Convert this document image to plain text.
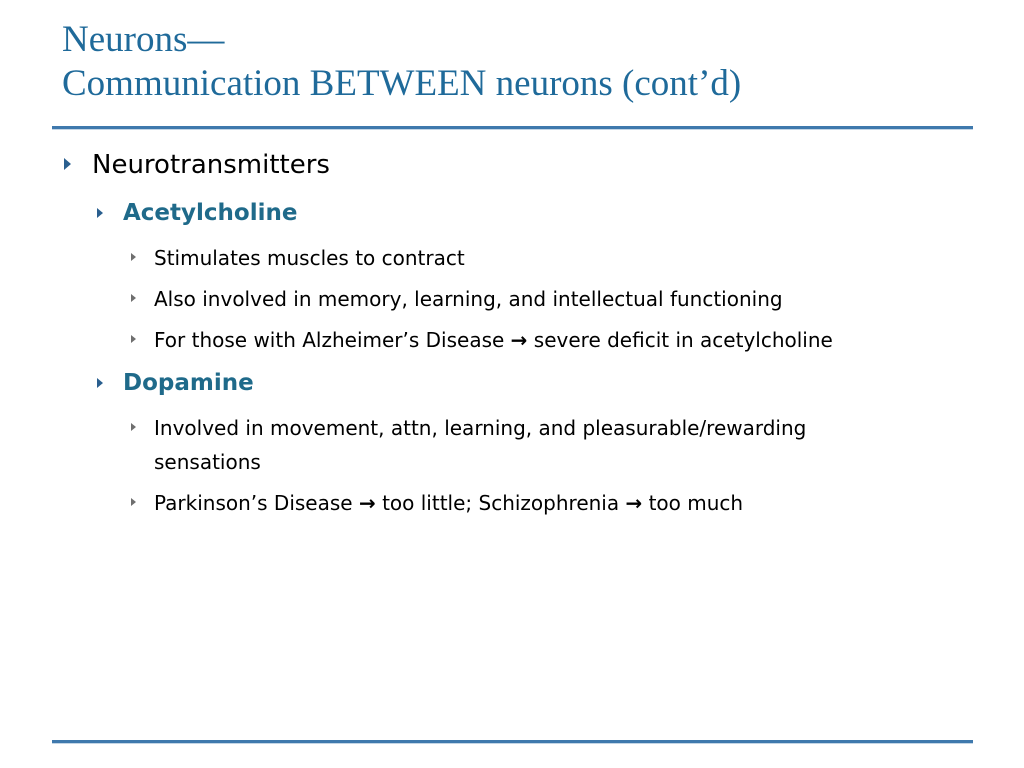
Neurons—
Communication BETWEEN neurons (cont’d)
Neurotransmitters
Acetylcholine
Stimulates muscles to contract
Also involved in memory, learning, and intellectual functioning
For those with Alzheimer’s Disease → severe deficit in acetylcholine
Dopamine
Involved in movement, attn, learning, and pleasurable/rewarding
sensations
Parkinson’s Disease → too little; Schizophrenia → too much
